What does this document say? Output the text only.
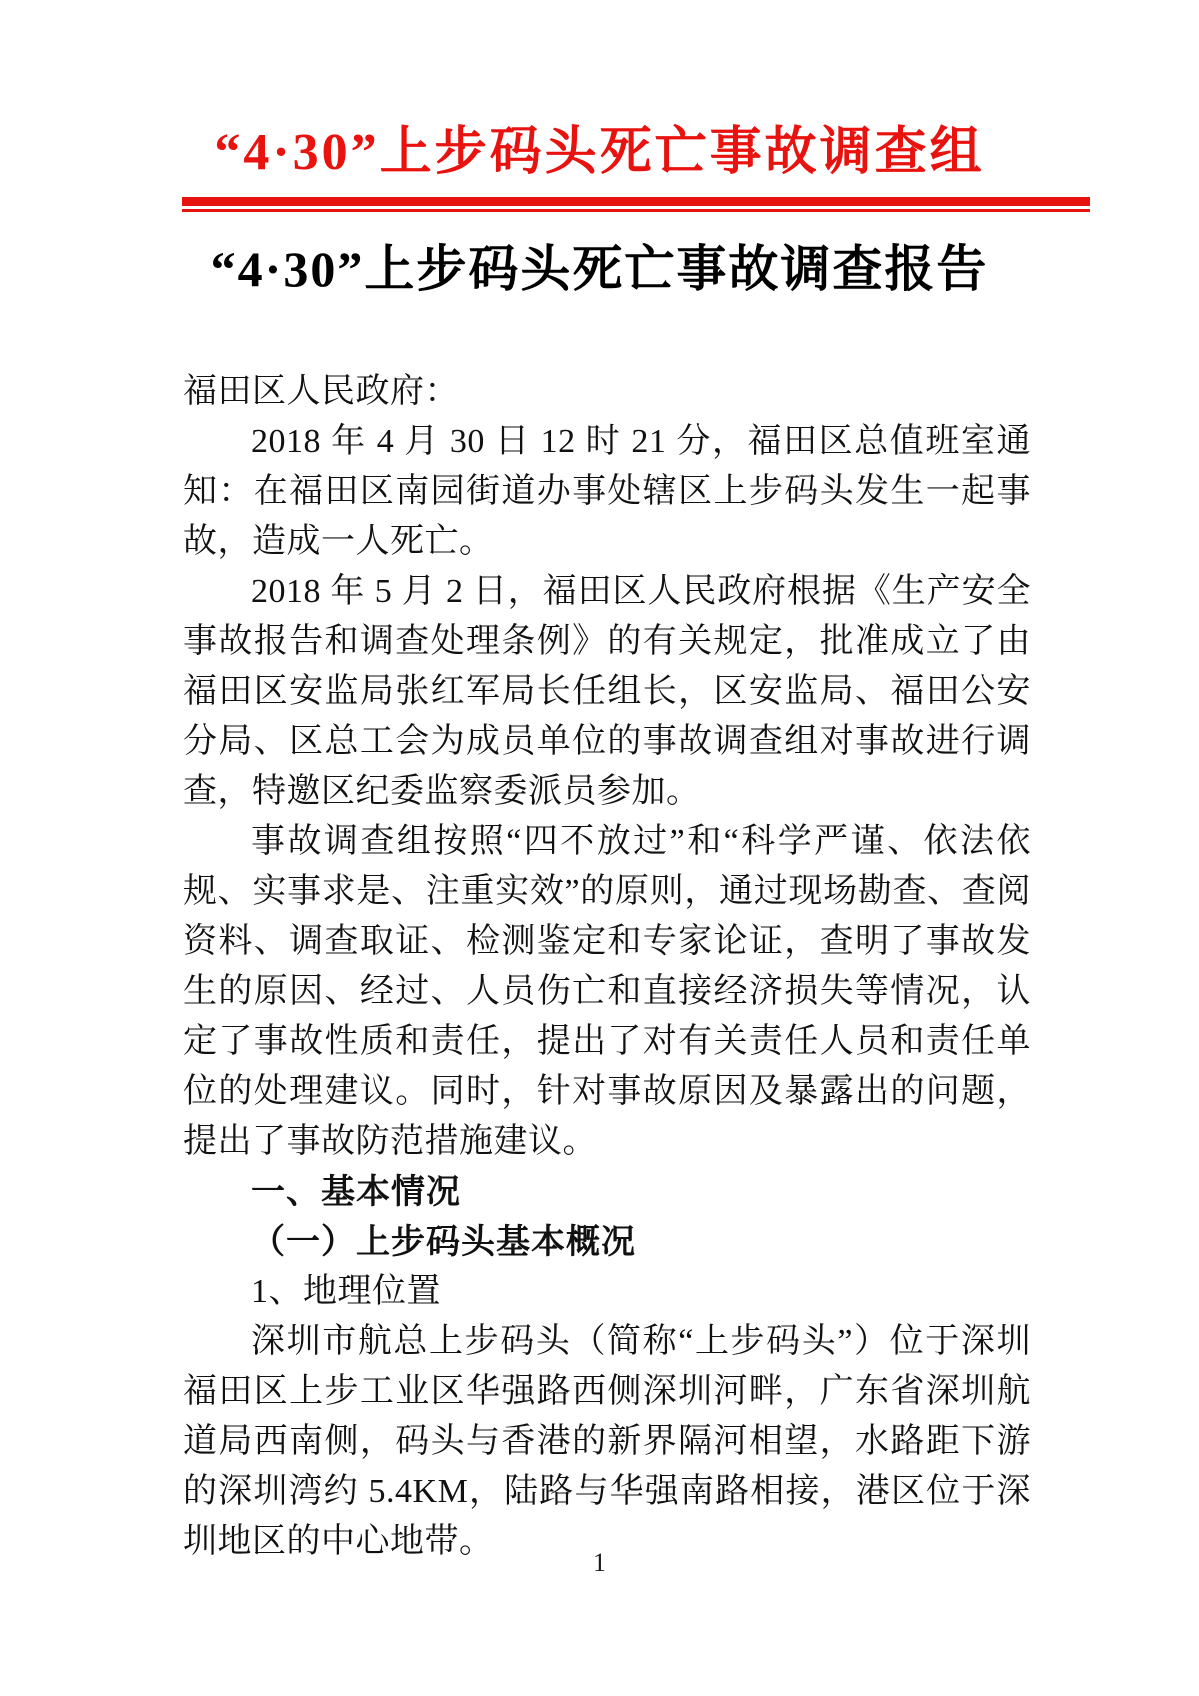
“4·30”上步码头死亡事故调查组
“4·30”上步码头死亡事故调查报告
福田区人民政府：
2018 年 4 月 30 日 12 时 21 分，福田区总值班室通知：在福田区南园街道办事处辖区上步码头发生一起事故，造成一人死亡。
2018 年 5 月 2 日，福田区人民政府根据《生产安全事故报告和调查处理条例》的有关规定，批准成立了由福田区安监局张红军局长任组长，区安监局、福田公安分局、区总工会为成员单位的事故调查组对事故进行调查，特邀区纪委监察委派员参加。
事故调查组按照“四不放过”和“科学严谨、依法依规、实事求是、注重实效”的原则，通过现场勘查、查阅资料、调查取证、检测鉴定和专家论证，查明了事故发生的原因、经过、人员伤亡和直接经济损失等情况，认定了事故性质和责任，提出了对有关责任人员和责任单位的处理建议。同时，针对事故原因及暴露出的问题，提出了事故防范措施建议。
一、基本情况
（一）上步码头基本概况
1、地理位置
深圳市航总上步码头（简称“上步码头”）位于深圳福田区上步工业区华强路西侧深圳河畔，广东省深圳航道局西南侧，码头与香港的新界隔河相望，水路距下游的深圳湾约 5.4KM，陆路与华强南路相接，港区位于深圳地区的中心地带。
1
